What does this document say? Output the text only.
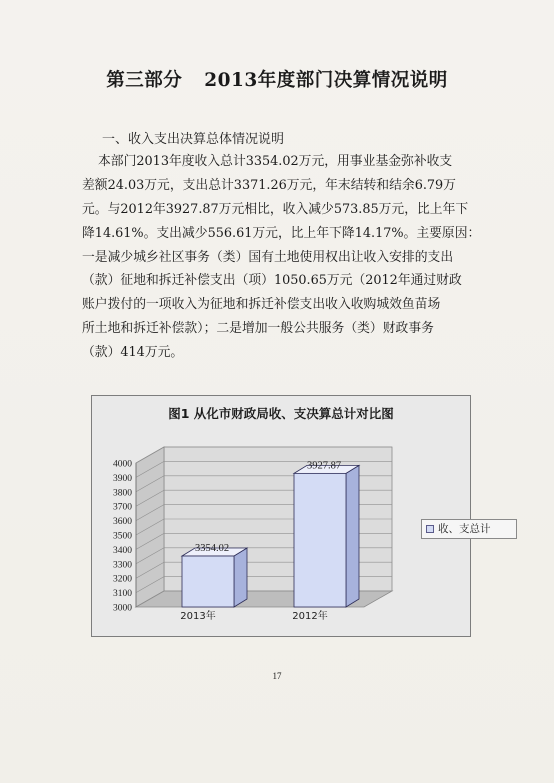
第三部分 2013年度部门决算情况说明
一、收入支出决算总体情况说明
本部门2013年度收入总计3354.02万元，用事业基金弥补收支
差额24.03万元，支出总计3371.26万元，年末结转和结余6.79万
元。与2012年3927.87万元相比，收入减少573.85万元，比上年下
降14.61%。支出减少556.61万元，比上年下降14.17%。主要原因：
一是减少城乡社区事务（类）国有土地使用权出让收入安排的支出
（款）征地和拆迁补偿支出（项）1050.65万元（2012年通过财政
账户拨付的一项收入为征地和拆迁补偿支出收入收购城效鱼苗场
所土地和拆迁补偿款）；二是增加一般公共服务（类）财政事务
（款）414万元。
图1 从化市财政局收、支决算总计对比图
3000
3100
3200
3300
3400
3500
3600
3700
3800
3900
4000
3354.02
2013年
3927.87
2012年
收、支总计
17
